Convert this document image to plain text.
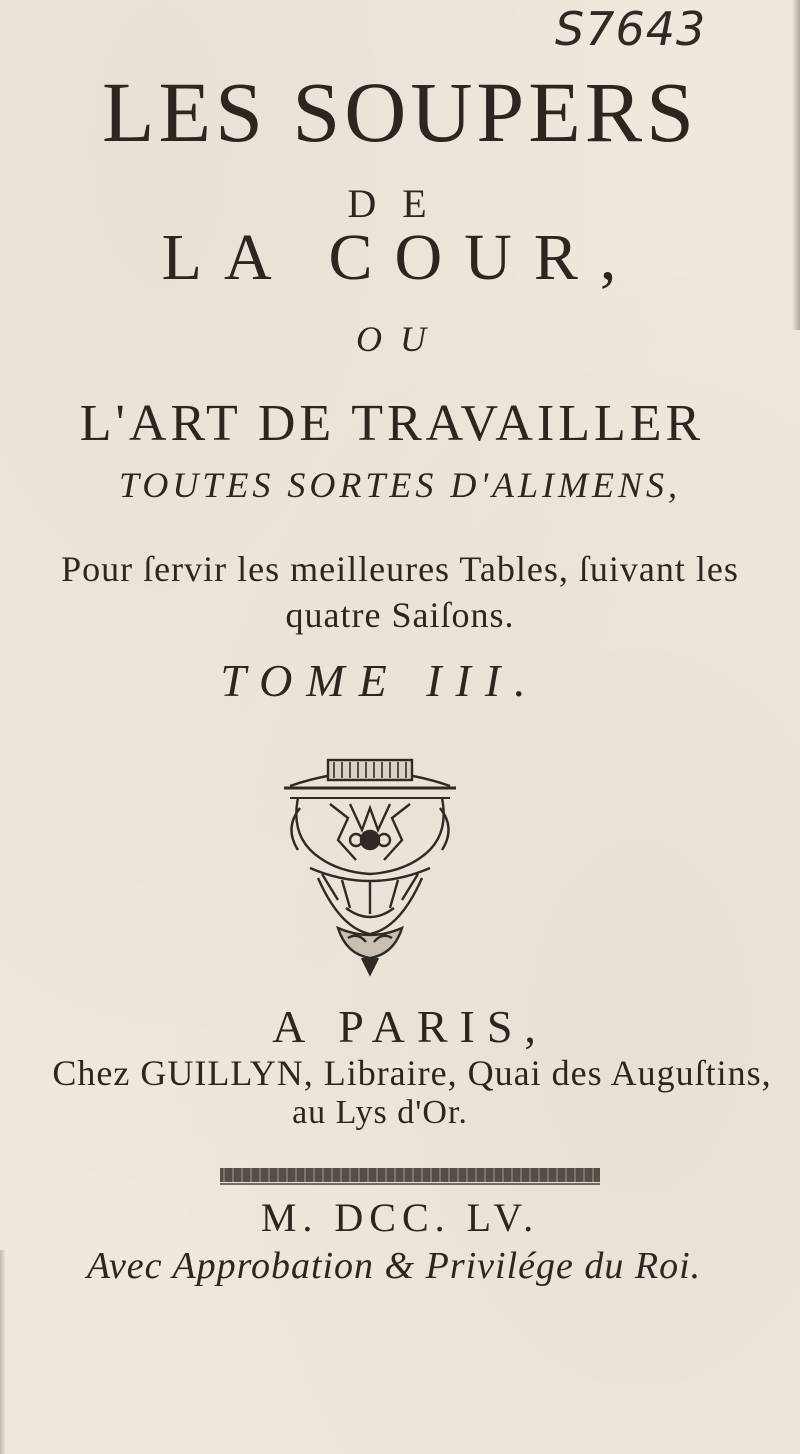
S7643
LES SOUPERS
DE
LA COUR,
OU
L'ART DE TRAVAILLER
TOUTES SORTES D'ALIMENS,
Pour ſervir les meilleures Tables, ſuivant les
quatre Saiſons.
TOME III.
A PARIS,
Chez GUILLYN, Libraire, Quai des Auguſtins,
au Lys d'Or.
M. DCC. LV.
Avec Approbation & Privilége du Roi.
